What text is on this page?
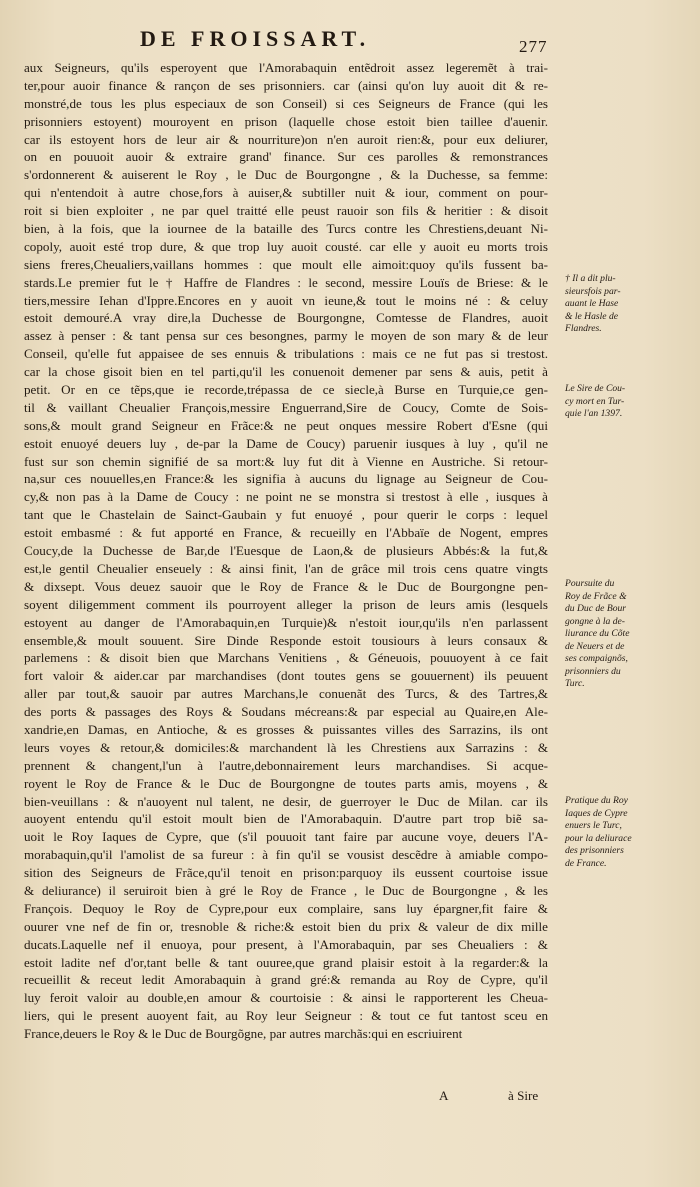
DE FROISSART.	277
aux Seigneurs, qu'ils esperoyent que l'Amorabaquin entẽdroit assez legeremẽt à trai-
ter,pour auoir finance & rançon de ses prisonniers. car (ainsi qu'on luy auoit dit & re-
monstré,de tous les plus especiaux de son Conseil) si ces Seigneurs de France (qui les
prisonniers estoyent) mouroyent en prison (laquelle chose estoit bien taillee d'auenir.
car ils estoyent hors de leur air & nourriture)on n'en auroit rien:&, pour eux deliurer,
on en pouuoit auoir & extraire grand' finance. Sur ces parolles & remonstrances
s'ordonnerent & auiserent le Roy , le Duc de Bourgongne , & la Duchesse, sa femme:
qui n'entendoit à autre chose,fors à auiser,& subtiller nuit & iour, comment on pour-
roit si bien exploiter , ne par quel traitté elle peust rauoir son fils & heritier : & disoit
bien, à la fois, que la iournee de la bataille des Turcs contre les Chrestiens,deuant Ni-
copoly, auoit esté trop dure, & que trop luy auoit cousté. car elle y auoit eu morts trois
siens freres,Cheualiers,vaillans hommes : que moult elle aimoit:quoy qu'ils fussent ba-
stards.Le premier fut le † Haffre de Flandres : le second, messire Louïs de Briese: & le
tiers,messire Iehan d'Ippre.Encores en y auoit vn ieune,& tout le moins né : & celuy
estoit demouré.A vray dire,la Duchesse de Bourgongne, Comtesse de Flandres, auoit
assez à penser : & tant pensa sur ces besongnes, parmy le moyen de son mary & de leur
Conseil, qu'elle fut appaisee de ses ennuis & tribulations : mais ce ne fut pas si trestost.
car la chose gisoit bien en tel parti,qu'il les conuenoit demener par sens & auis, petit à
petit. Or en ce tẽps,que ie recorde,trépassa de ce siecle,à Burse en Turquie,ce gen-
til & vaillant Cheualier François,messire Enguerrand,Sire de Coucy, Comte de Sois-
sons,& moult grand Seigneur en Frãce:& ne peut onques messire Robert d'Esne (qui
estoit enuoyé deuers luy , de-par la Dame de Coucy) paruenir iusques à luy , qu'il ne
fust sur son chemin signifié de sa mort:& luy fut dit à Vienne en Austriche. Si retour-
na,sur ces nouuelles,en France:& les signifia à aucuns du lignage au Seigneur de Cou-
cy,& non pas à la Dame de Coucy : ne point ne se monstra si trestost à elle , iusques à
tant que le Chastelain de Sainct-Gaubain y fut enuoyé , pour querir le corps : lequel
estoit embasmé : & fut apporté en France, & recueilly en l'Abbaïe de Nogent, empres
Coucy,de la Duchesse de Bar,de l'Euesque de Laon,& de plusieurs Abbés:& la fut,&
est,le gentil Cheualier enseuely : & ainsi finit, l'an de grâce mil trois cens quatre vingts
& dixsept. Vous deuez sauoir que le Roy de France & le Duc de Bourgongne pen-
soyent diligemment comment ils pourroyent alleger la prison de leurs amis (lesquels
estoyent au danger de l'Amorabaquin,en Turquie)& n'estoit iour,qu'ils n'en parlassent
ensemble,& moult souuent. Sire Dinde Responde estoit tousiours à leurs consaux &
parlemens : & disoit bien que Marchans Venitiens , & Géneuois, pouuoyent à ce fait
fort valoir & aider.car par marchandises (dont toutes gens se gouuernent) ils peuuent
aller par tout,& sauoir par autres Marchans,le conuenãt des Turcs, & des Tartres,&
des ports & passages des Roys & Soudans mécreans:& par especial au Quaire,en Ale-
xandrie,en Damas, en Antioche, & es grosses & puissantes villes des Sarrazins, ils ont
leurs voyes & retour,& domiciles:& marchandent là les Chrestiens aux Sarrazins : &
prennent & changent,l'un à l'autre,debonnairement leurs marchandises. Si acque-
royent le Roy de France & le Duc de Bourgongne de toutes parts amis, moyens , &
bien-veuillans : & n'auoyent nul talent, ne desir, de guerroyer le Duc de Milan. car ils
auoyent entendu qu'il estoit moult bien de l'Amorabaquin. D'autre part trop biẽ sa-
uoit le Roy Iaques de Cypre, que (s'il pouuoit tant faire par aucune voye, deuers l'A-
morabaquin,qu'il l'amolist de sa fureur : à fin qu'il se vousist descẽdre à amiable compo-
sition des Seigneurs de Frãce,qu'il tenoit en prison:parquoy ils eussent courtoise issue
& deliurance) il seruiroit bien à gré le Roy de France , le Duc de Bourgongne , & les
François. Dequoy le Roy de Cypre,pour eux complaire, sans luy épargner,fit faire &
ouurer vne nef de fin or, tresnoble & riche:& estoit bien du prix & valeur de dix mille
ducats.Laquelle nef il enuoya, pour present, à l'Amorabaquin, par ses Cheualiers : &
estoit ladite nef d'or,tant belle & tant ouuree,que grand plaisir estoit à la regarder:& la
recueillit & receut ledit Amorabaquin à grand gré:& remanda au Roy de Cypre, qu'il
luy feroit valoir au double,en amour & courtoisie : & ainsi le rapporterent les Cheua-
liers, qui le present auoyent fait, au Roy leur Seigneur : & tout ce fut tantost sceu en
France,deuers le Roy & le Duc de Bourgõgne, par autres marchãs:qui en escriuirent
† Il a dit plu-
sieursfois par-
auant le Hase
& le Hasle de
Flandres.
Le Sire de Cou-
cy mort en Tur-
quie l'an 1397.
Poursuite du
Roy de Frãce &
du Duc de Bour
gongne à la de-
liurance du Cõte
de Neuers et de
ses compaignõs,
prisonniers du
Turc.
Pratique du Roy
Iaques de Cypre
enuers le Turc,
pour la deliurace
des prisonniers
de France.
A	à Sire
